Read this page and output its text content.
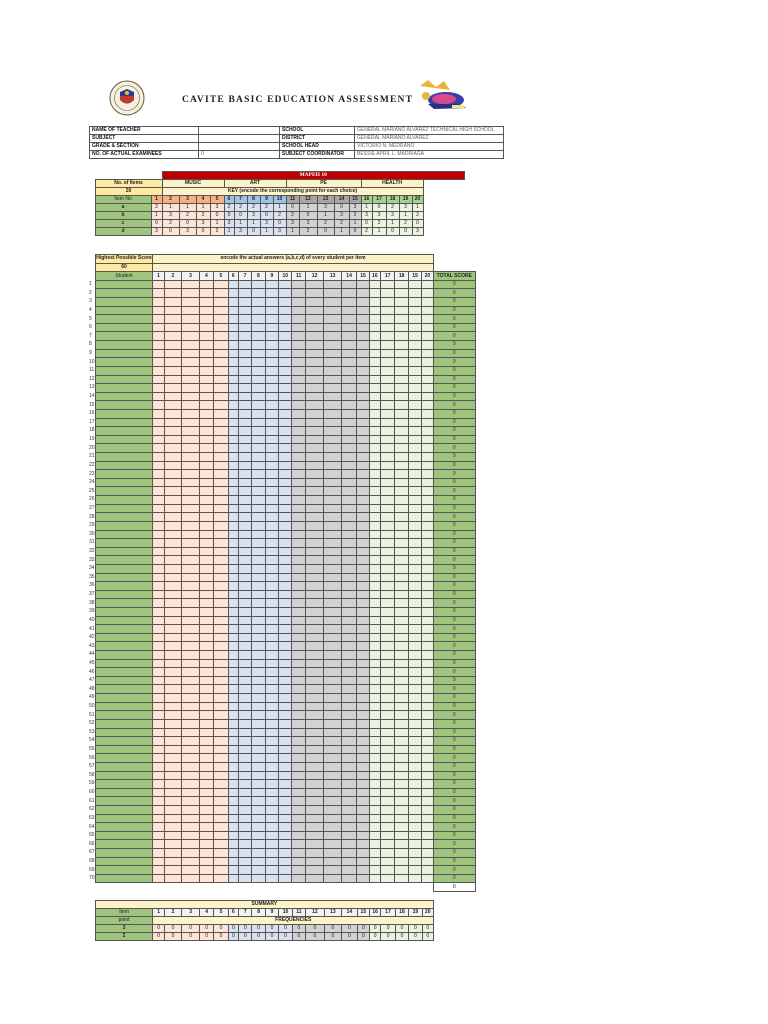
CAVITE BASIC EDUCATION ASSESSMENT
NAME OF TEACHER		SCHOOL	GENERAL MARIANO ALVAREZ TECHNICAL HIGH SCHOOL
SUBJECT		DISTRICT	GENERAL MARIANO ALVAREZ
GRADE & SECTION		SCHOOL HEAD	VICTORIO N. MEDRANO
NO. OF ACTUAL EXAMINEES	0	SUBJECT COORDINATOR	BESSIE APRIL L. MADRIAGA
			MAPEH 10																				
	No. of Items		MUSIC				ART					PE					HEALTH						
	20		KEY (encode the corresponding point for each choice)																				
	Item No	1	2	3	4	5	6	7	8	9	10	11	12	13	14	15	16	17	18	19	20		
	a	2	1	1	1	3	2	2	2	2	1	0	1	3	0	3	1	0	2	3	1		
	b	1	3	2	2	0	0	0	3	0	2	2	0	1	3	2	3	3	3	1	2		
	c	0	2	0	3	1	3	1	1	3	0	3	3	2	2	1	0	2	1	2	0		
	d	3	0	3	0	2	1	3	0	1	3	1	2	0	1	0	2	1	0	0	3		
	Highest Possible Score	encode the actual answers (a,b,c,d) of every student per item																				
	60																					
	Student	1	2	3	4	5	6	7	8	9	10	11	12	13	14	15	16	17	18	19	20	TOTAL SCORE
1																						0
2																						0
3																						0
4																						0
5																						0
6																						0
7																						0
8																						0
9																						0
10																						0
11																						0
12																						0
13																						0
14																						0
15																						0
16																						0
17																						0
18																						0
19																						0
20																						0
21																						0
22																						0
23																						0
24																						0
25																						0
26																						0
27																						0
28																						0
29																						0
30																						0
31																						0
32																						0
33																						0
34																						0
35																						0
36																						0
37																						0
38																						0
39																						0
40																						0
41																						0
42																						0
43																						0
44																						0
45																						0
46																						0
47																						0
48																						0
49																						0
50																						0
51																						0
52																						0
53																						0
54																						0
55																						0
56																						0
57																						0
58																						0
59																						0
60																						0
61																						0
62																						0
63																						0
64																						0
65																						0
66																						0
67																						0
68																						0
69																						0
70																						0
																						0
	SUMMARY																					
	Item	1	2	3	4	5	6	7	8	9	10	11	12	13	14	15	16	17	18	19	20	
	point	FREQUENCIES																				
	3	0	0	0	0	0	0	0	0	0	0	0	0	0	0	0	0	0	0	0	0	
	2	0	0	0	0	0	0	0	0	0	0	0	0	0	0	0	0	0	0	0	0	
